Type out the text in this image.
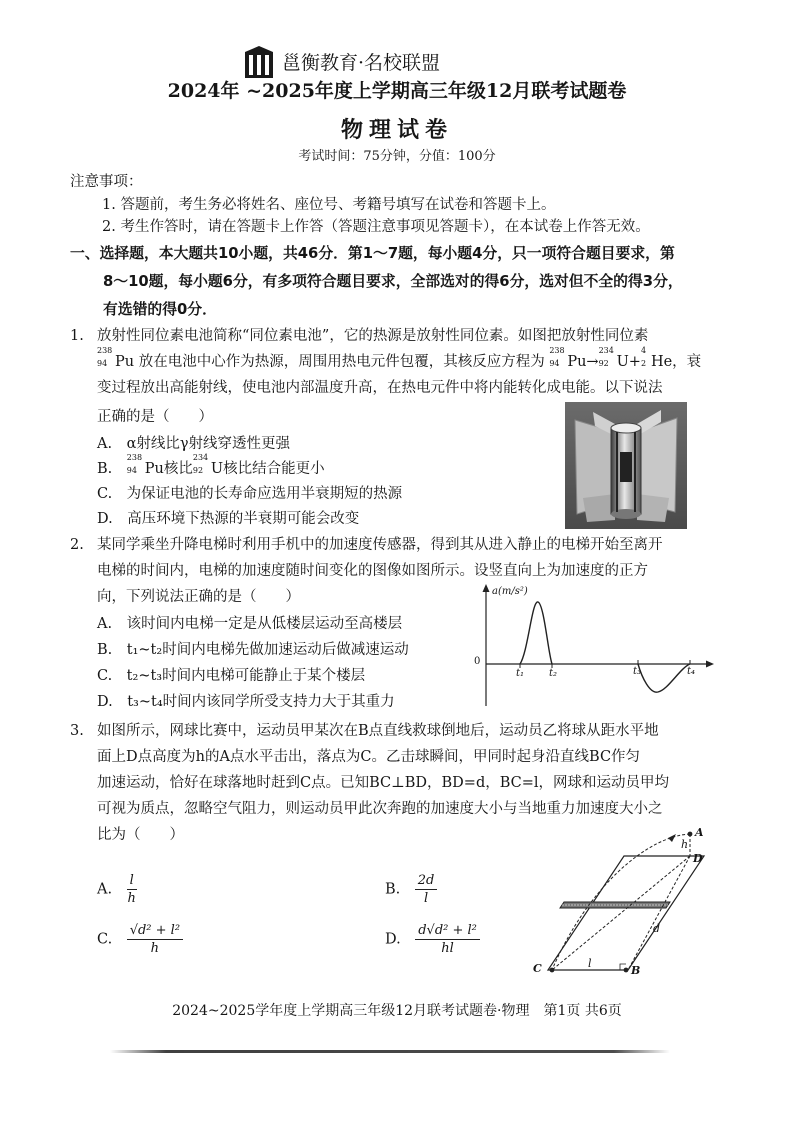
邕衡教育·名校联盟
2024年 ~2025年度上学期高三年级12月联考试题卷
物理试卷
考试时间：75分钟，分值：100分
注意事项：
1. 答题前，考生务必将姓名、座位号、考籍号填写在试卷和答题卡上。
2. 考生作答时，请在答题卡上作答（答题注意事项见答题卡），在本试卷上作答无效。
一、选择题，本大题共10小题，共46分．第1～7题，每小题4分，只一项符合题目要求，第
8～10题，每小题6分，有多项符合题目要求，全部选对的得6分，选对但不全的得3分，
有选错的得0分．
1. 放射性同位素电池简称“同位素电池”，它的热源是放射性同位素。如图把放射性同位素
238
94 Pu 放在电池中心作为热源，周围用热电元件包覆，其核反应方程为
238
94 Pu→
234
92 U+
4
2 He，衰
变过程放出高能射线，使电池内部温度升高，在热电元件中将内能转化成电能。以下说法
正确的是（　　）
A.　α射线比γ射线穿透性更强
B.　
238
94 Pu核比
234
92 U核比结合能更小
C.　为保证电池的长寿命应选用半衰期短的热源
D.　高压环境下热源的半衰期可能会改变
2. 某同学乘坐升降电梯时利用手机中的加速度传感器，得到其从进入静止的电梯开始至离开
电梯的时间内，电梯的加速度随时间变化的图像如图所示。设竖直向上为加速度的正方
向，下列说法正确的是（　　）
A.　该时间内电梯一定是从低楼层运动至高楼层
B.　t₁~t₂时间内电梯先做加速运动后做减速运动
C.　t₂~t₃时间内电梯可能静止于某个楼层
D.　t₃~t₄时间内该同学所受支持力大于其重力
a(m/s²)
0
t₁ t₂	t₃	t₄
3. 如图所示，网球比赛中，运动员甲某次在B点直线救球倒地后，运动员乙将球从距水平地
面上D点高度为h的A点水平击出，落点为C。乙击球瞬间，甲同时起身沿直线BC作匀
加速运动，恰好在球落地时赶到C点。已知BC⊥BD，BD=d，BC=l，网球和运动员甲均
可视为质点，忽略空气阻力，则运动员甲此次奔跑的加速度大小与当地重力加速度大小之
比为（　　）
A.　 $\frac{l}{h}$	B.　 $\frac{2d}{l}$
C.　 $\frac{\text{√d² + l²}}{h}$	D.　 $\frac{\text{d√d² + l²}}{hl}$
A
h
D
d
C	l
B
2024~2025学年度上学期高三年级12月联考试题卷·物理　第1页 共6页
